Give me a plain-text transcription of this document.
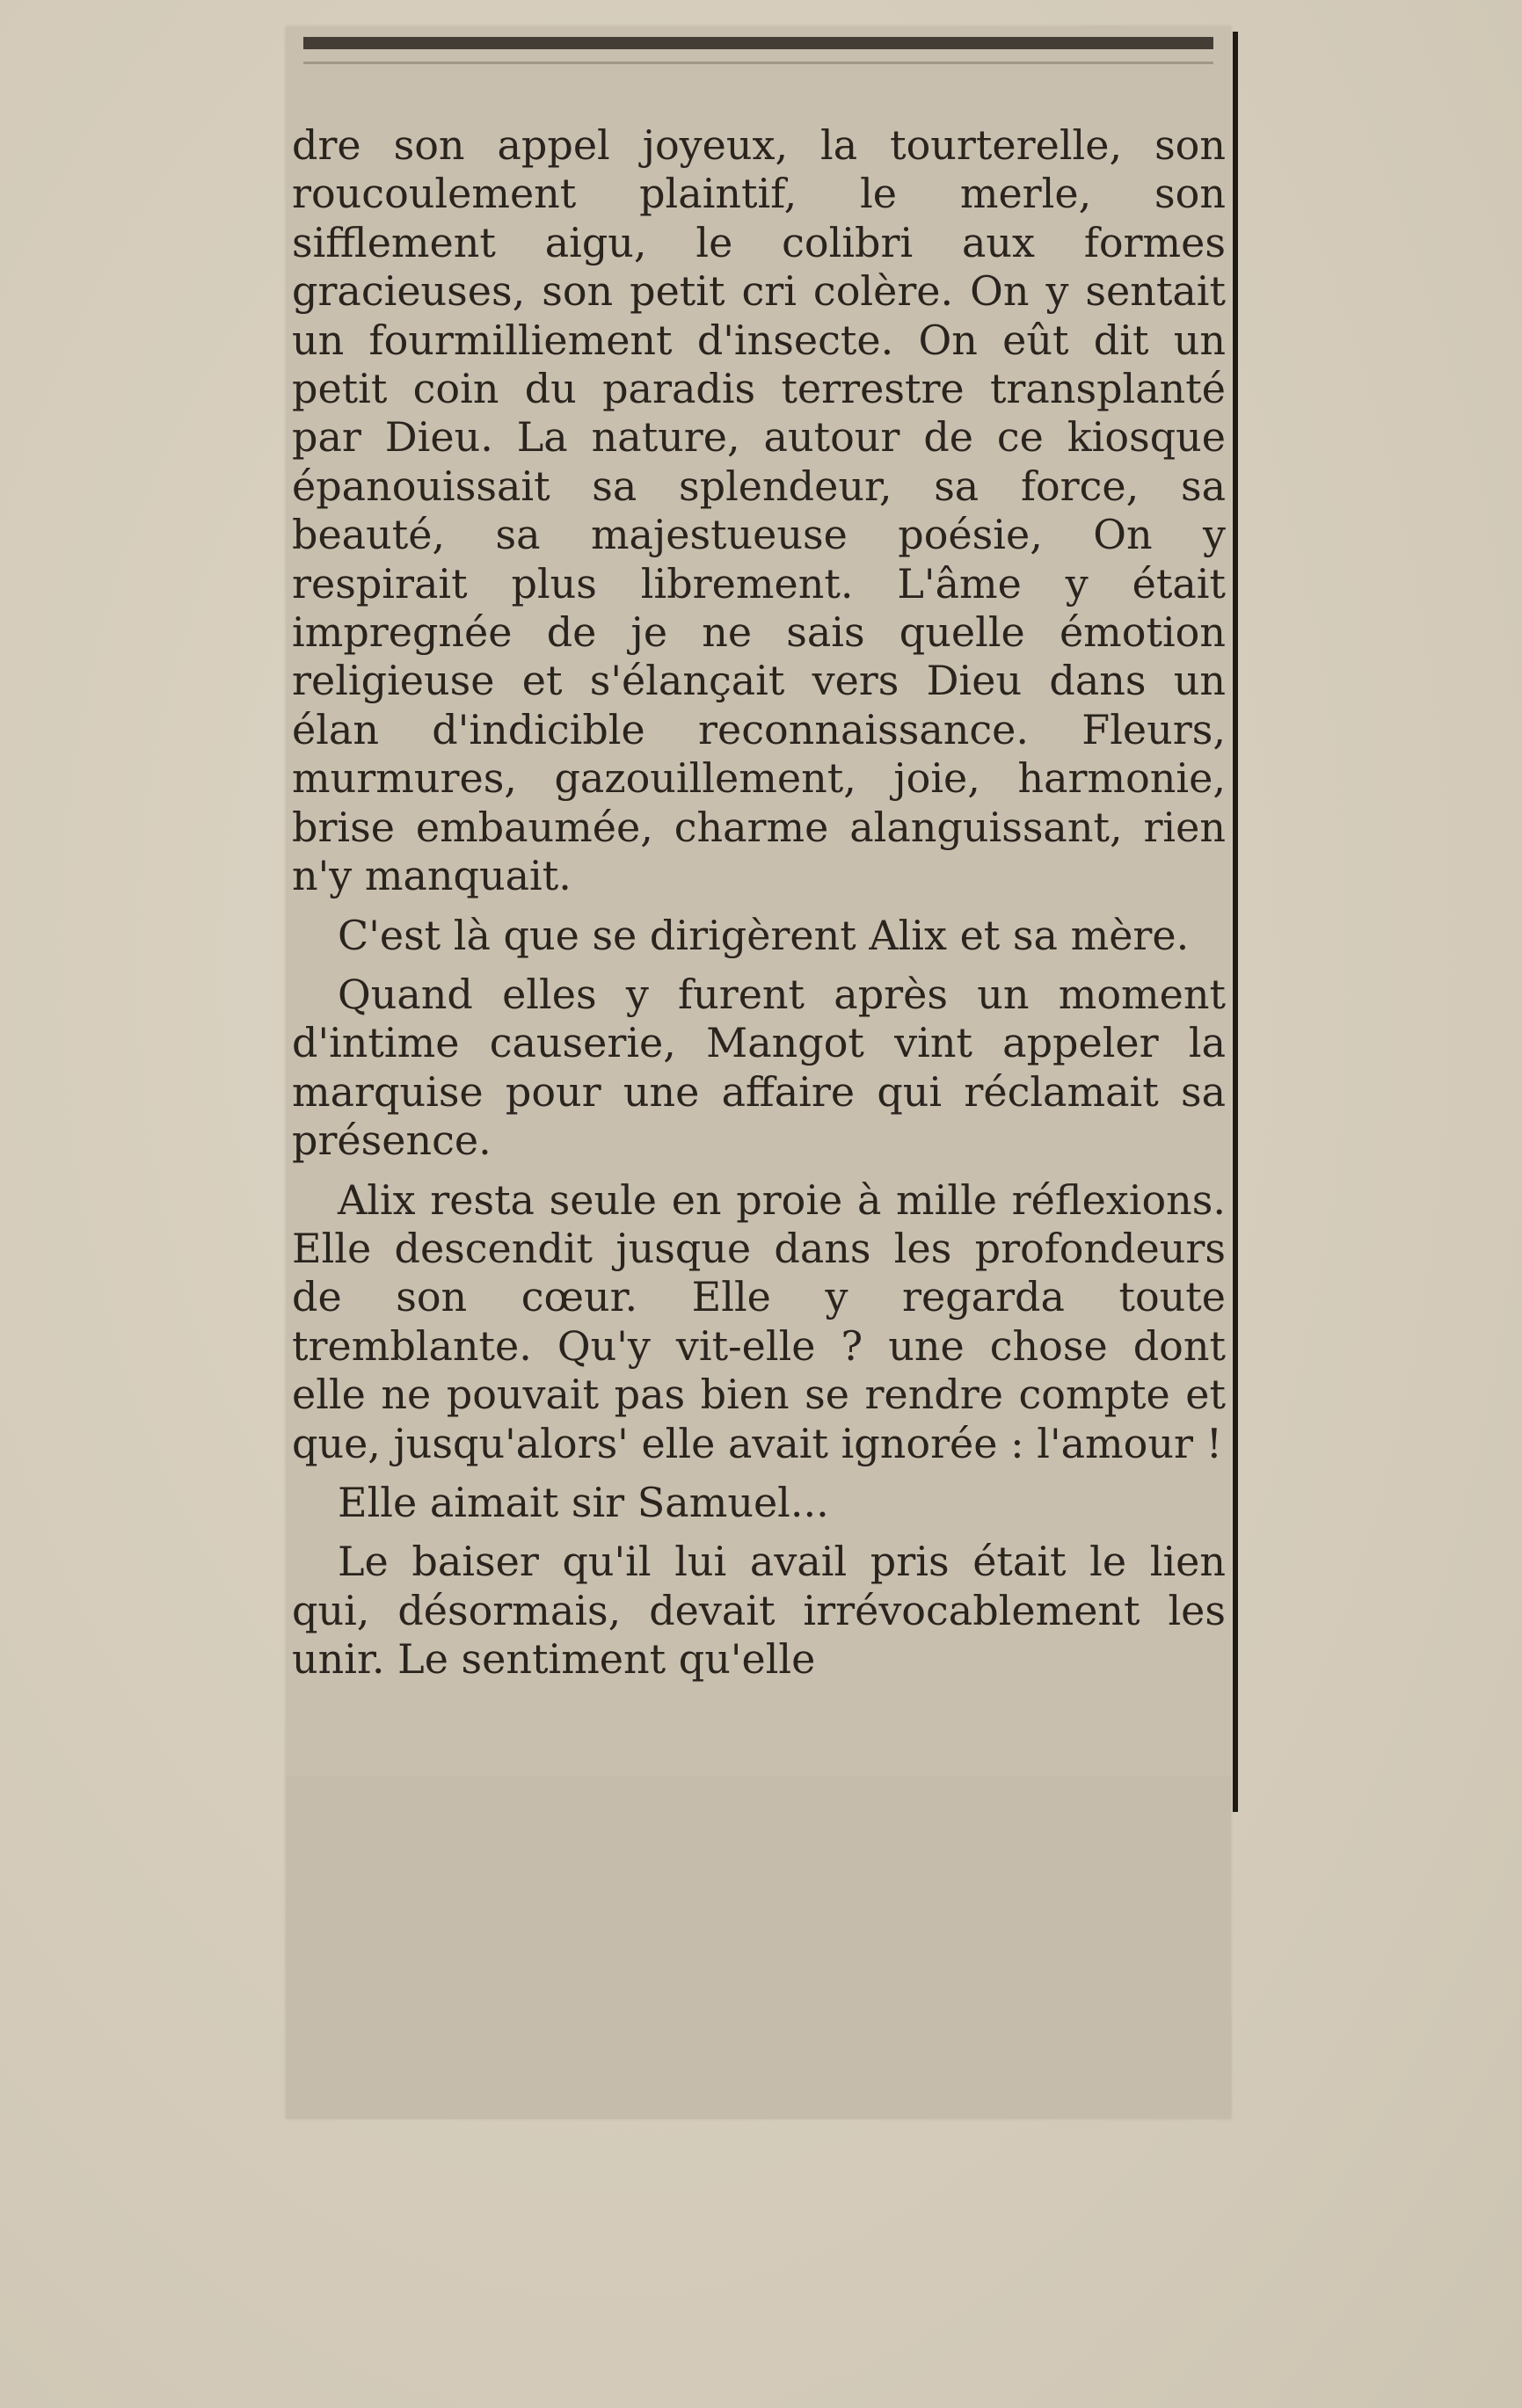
dre son appel joyeux, la tourterelle, son roucoulement plaintif, le merle, son sifflement aigu, le colibri aux formes gracieuses, son petit cri colère. On y sentait un fourmilliement d'insecte. On eût dit un petit coin du paradis terrestre transplanté par Dieu. La nature, autour de ce kiosque épanouissait sa splendeur, sa force, sa beauté, sa majestueuse poésie, On y respirait plus librement. L'âme y était impregnée de je ne sais quelle émotion religieuse et s'élançait vers Dieu dans un élan d'indicible reconnaissance. Fleurs, murmures, gazouillement, joie, harmonie, brise embaumée, charme alanguissant, rien n'y manquait.

C'est là que se dirigèrent Alix et sa mère.

Quand elles y furent après un moment d'intime causerie, Mangot vint appeler la marquise pour une affaire qui réclamait sa présence.

Alix resta seule en proie à mille réflexions. Elle descendit jusque dans les profondeurs de son cœur. Elle y regarda toute tremblante. Qu'y vit-elle ? une chose dont elle ne pouvait pas bien se rendre compte et que, jusqu'alors' elle avait ignorée : l'amour !

Elle aimait sir Samuel...

Le baiser qu'il lui avail pris était le lien qui, désormais, devait irrévocablement les unir. Le sentiment qu'elle
